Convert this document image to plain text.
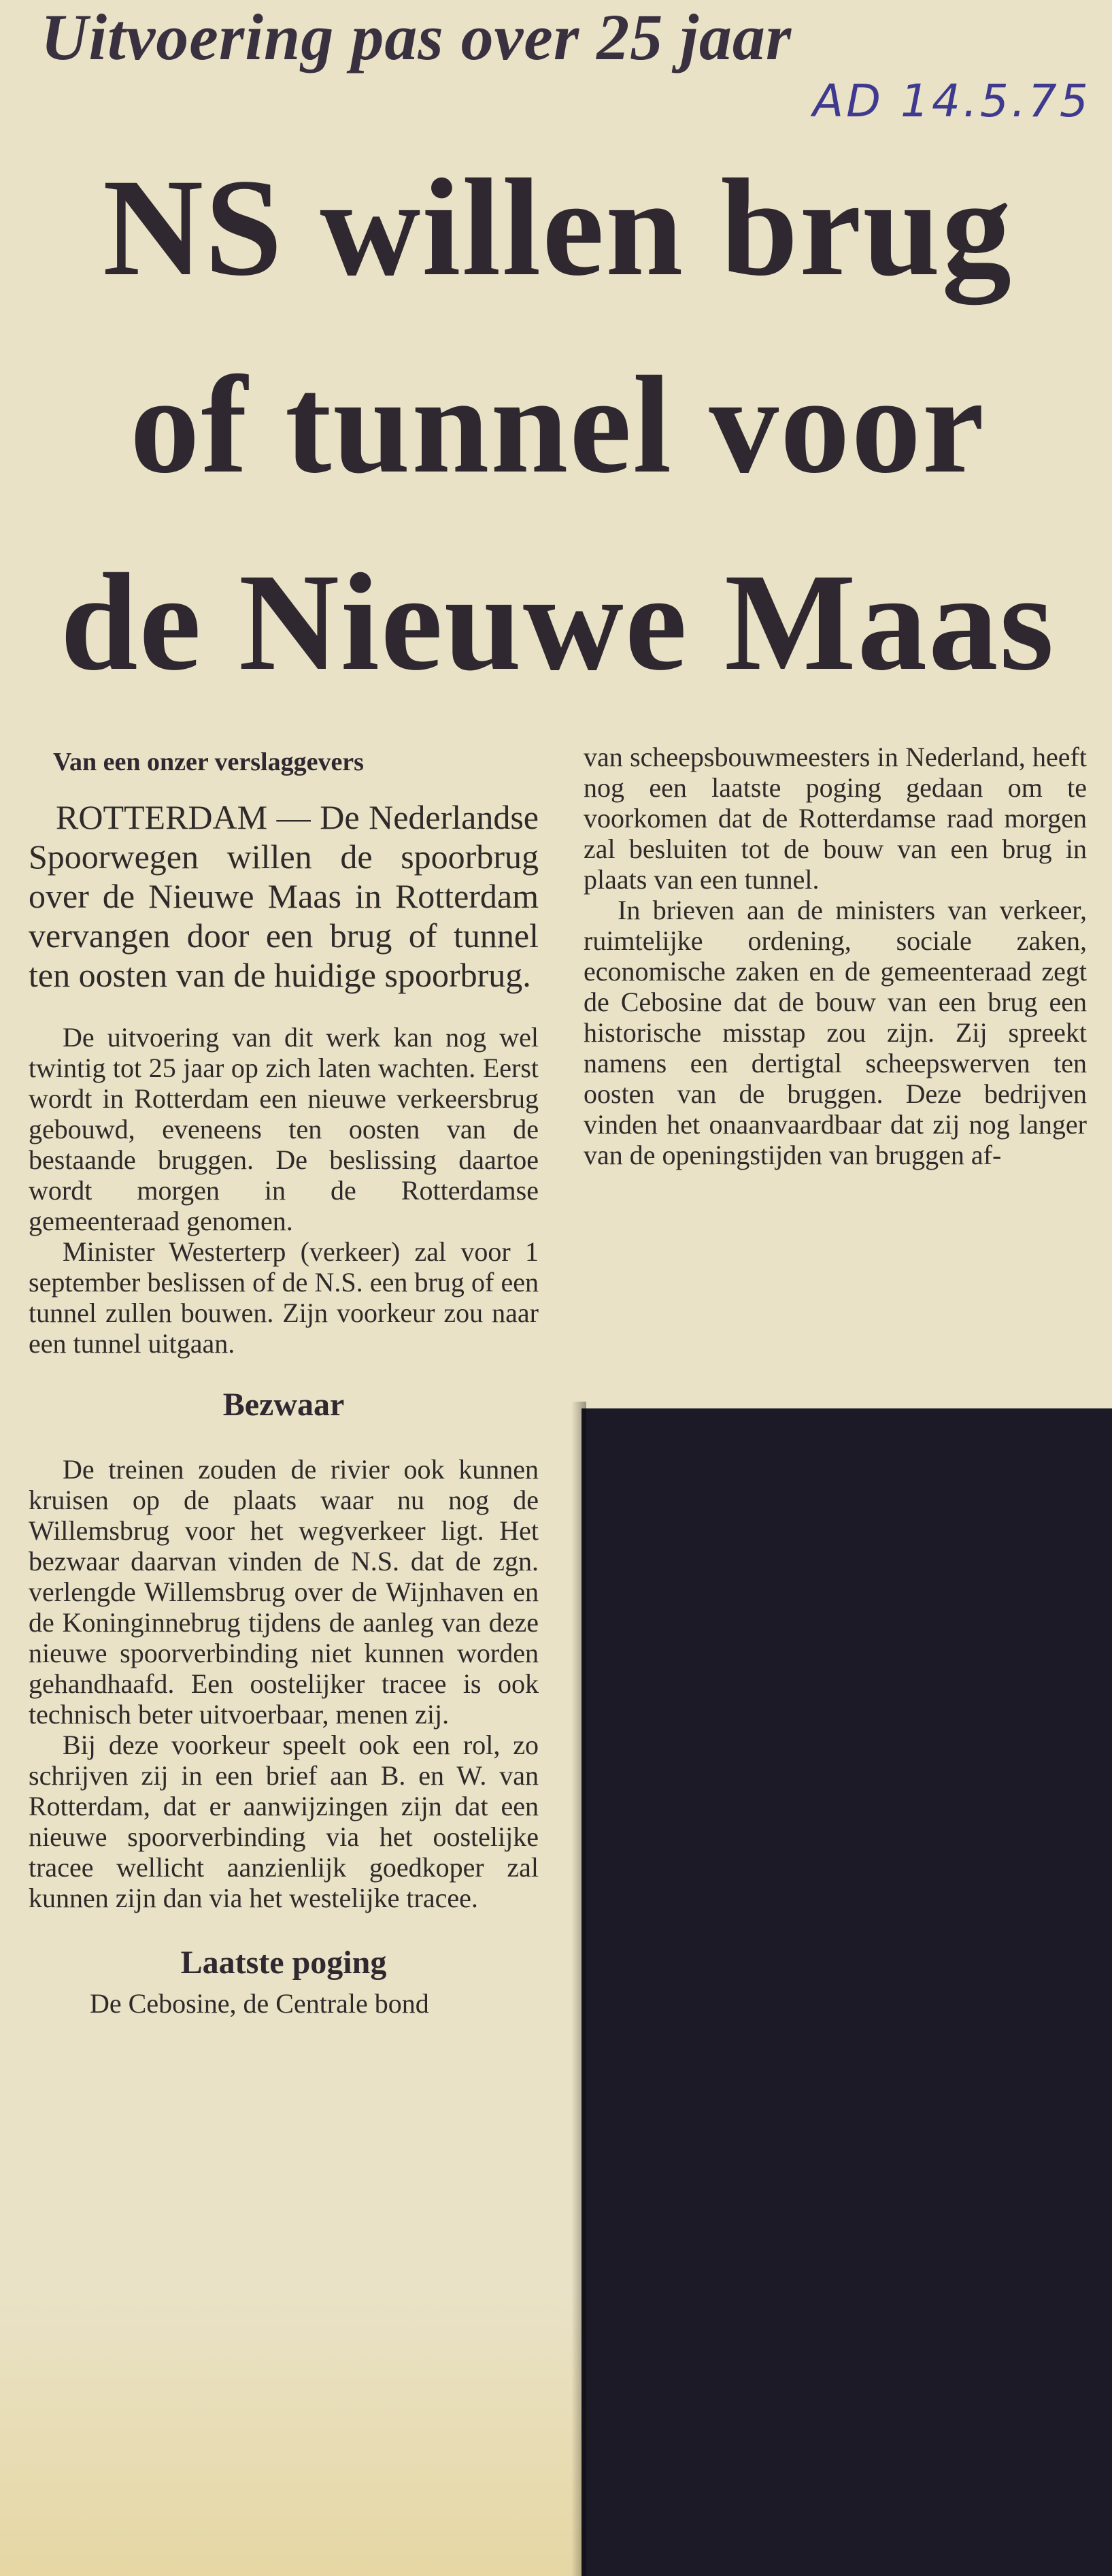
Uitvoering pas over 25 jaar
AD 14.5.75
NS willen brug
of tunnel voor
de Nieuwe Maas
Van een onzer verslaggevers

ROTTERDAM — De Nederlandse Spoorwegen willen de spoorbrug over de Nieuwe Maas in Rotterdam vervangen door een brug of tunnel ten oosten van de huidige spoorbrug.

De uitvoering van dit werk kan nog wel twintig tot 25 jaar op zich laten wachten. Eerst wordt in Rotterdam een nieuwe verkeersbrug gebouwd, eveneens ten oosten van de bestaande bruggen. De beslissing daartoe wordt morgen in de Rotterdamse gemeenteraad genomen.

Minister Westerterp (verkeer) zal voor 1 september beslissen of de N.S. een brug of een tunnel zullen bouwen. Zijn voorkeur zou naar een tunnel uitgaan.

Bezwaar

De treinen zouden de rivier ook kunnen kruisen op de plaats waar nu nog de Willemsbrug voor het wegverkeer ligt. Het bezwaar daarvan vinden de N.S. dat de zgn. verlengde Willemsbrug over de Wijnhaven en de Koninginnebrug tijdens de aanleg van deze nieuwe spoorverbinding niet kunnen worden gehandhaafd. Een oostelijker tracee is ook technisch beter uitvoerbaar, menen zij.

Bij deze voorkeur speelt ook een rol, zo schrijven zij in een brief aan B. en W. van Rotterdam, dat er aanwijzingen zijn dat een nieuwe spoorverbinding via het oostelijke tracee wellicht aanzienlijk goedkoper zal kunnen zijn dan via het westelijke tracee.

Laatste poging

De Cebosine, de Centrale bond

van scheepsbouwmeesters in Nederland, heeft nog een laatste poging gedaan om te voorkomen dat de Rotterdamse raad morgen zal besluiten tot de bouw van een brug in plaats van een tunnel.

In brieven aan de ministers van verkeer, ruimtelijke ordening, sociale zaken, economische zaken en de gemeenteraad zegt de Cebosine dat de bouw van een brug een historische misstap zou zijn. Zij spreekt namens een dertigtal scheepswerven ten oosten van de bruggen. Deze bedrijven vinden het onaanvaardbaar dat zij nog langer van de openingstijden van bruggen af-
